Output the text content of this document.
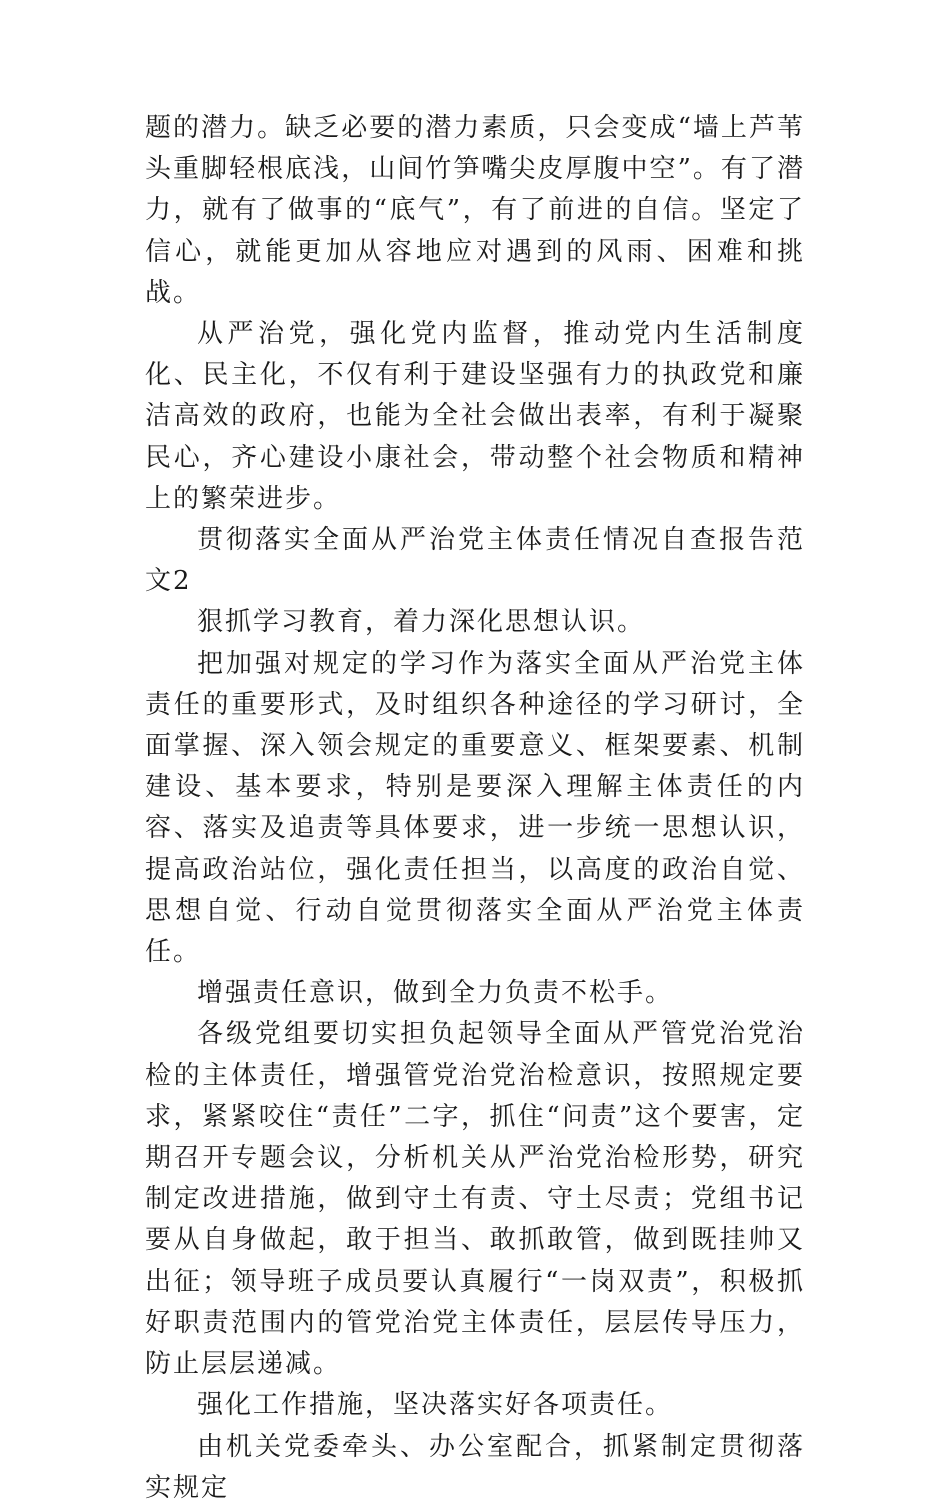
题的潜力。缺乏必要的潜力素质，只会变成“墙上芦苇头重脚轻根底浅，山间竹笋嘴尖皮厚腹中空”。有了潜力，就有了做事的“底气”，有了前进的自信。坚定了信心，就能更加从容地应对遇到的风雨、困难和挑战。

从严治党，强化党内监督，推动党内生活制度化、民主化，不仅有利于建设坚强有力的执政党和廉洁高效的政府，也能为全社会做出表率，有利于凝聚民心，齐心建设小康社会，带动整个社会物质和精神上的繁荣进步。

贯彻落实全面从严治党主体责任情况自查报告范文2

狠抓学习教育，着力深化思想认识。

把加强对规定的学习作为落实全面从严治党主体责任的重要形式，及时组织各种途径的学习研讨，全面掌握、深入领会规定的重要意义、框架要素、机制建设、基本要求，特别是要深入理解主体责任的内容、落实及追责等具体要求，进一步统一思想认识，提高政治站位，强化责任担当，以高度的政治自觉、思想自觉、行动自觉贯彻落实全面从严治党主体责任。

增强责任意识，做到全力负责不松手。

各级党组要切实担负起领导全面从严管党治党治检的主体责任，增强管党治党治检意识，按照规定要求，紧紧咬住“责任”二字，抓住“问责”这个要害，定期召开专题会议，分析机关从严治党治检形势，研究制定改进措施，做到守土有责、守土尽责；党组书记要从自身做起，敢于担当、敢抓敢管，做到既挂帅又出征；领导班子成员要认真履行“一岗双责”，积极抓好职责范围内的管党治党主体责任，层层传导压力，防止层层递减。

强化工作措施，坚决落实好各项责任。

由机关党委牵头、办公室配合，抓紧制定贯彻落实规定
